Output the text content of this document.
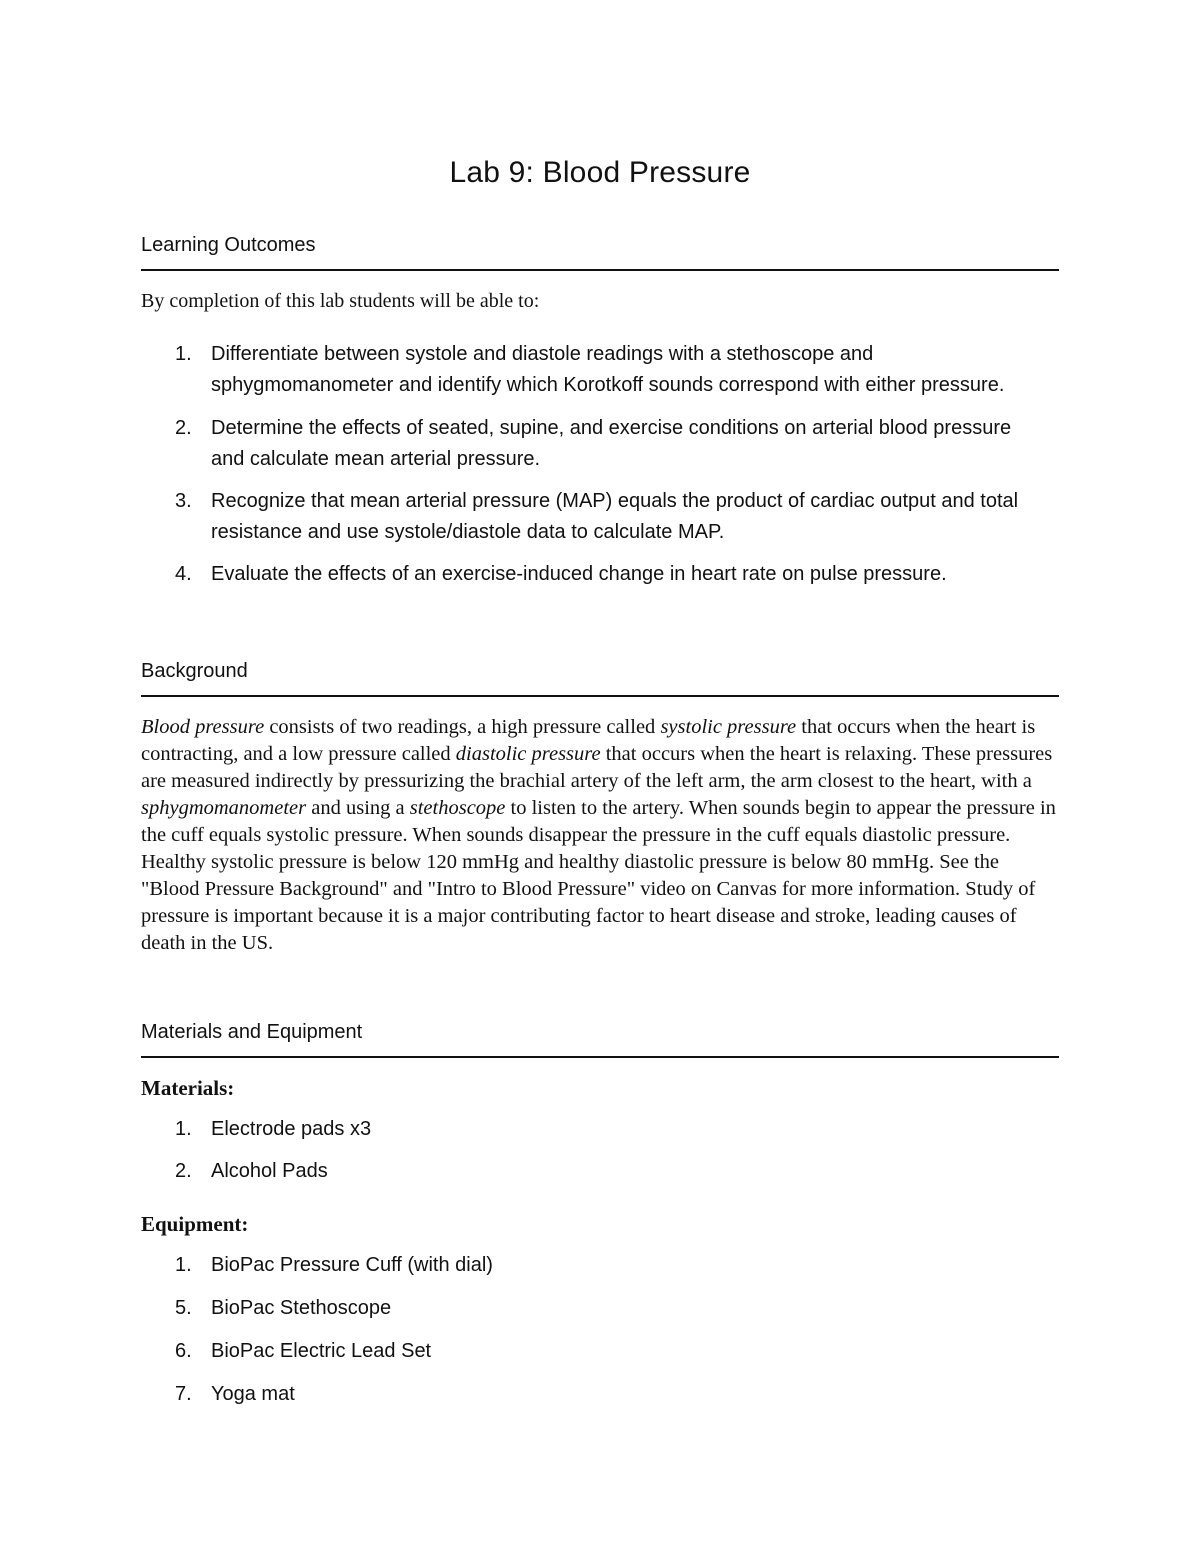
Lab 9: Blood Pressure
Learning Outcomes

By completion of this lab students will be able to:

1. Differentiate between systole and diastole readings with a stethoscope and sphygmomanometer and identify which Korotkoff sounds correspond with either pressure.
2. Determine the effects of seated, supine, and exercise conditions on arterial blood pressure and calculate mean arterial pressure.
3. Recognize that mean arterial pressure (MAP) equals the product of cardiac output and total resistance and use systole/diastole data to calculate MAP.
4. Evaluate the effects of an exercise-induced change in heart rate on pulse pressure.
Background

Blood pressure consists of two readings, a high pressure called systolic pressure that occurs when the heart is contracting, and a low pressure called diastolic pressure that occurs when the heart is relaxing. These pressures are measured indirectly by pressurizing the brachial artery of the left arm, the arm closest to the heart, with a sphygmomanometer and using a stethoscope to listen to the artery. When sounds begin to appear the pressure in the cuff equals systolic pressure. When sounds disappear the pressure in the cuff equals diastolic pressure. Healthy systolic pressure is below 120 mmHg and healthy diastolic pressure is below 80 mmHg. See the "Blood Pressure Background" and "Intro to Blood Pressure" video on Canvas for more information. Study of pressure is important because it is a major contributing factor to heart disease and stroke, leading causes of death in the US.

Materials and Equipment

Materials:

1. Electrode pads x3
2. Alcohol Pads

Equipment:

1. BioPac Pressure Cuff (with dial)
5. BioPac Stethoscope
6. BioPac Electric Lead Set
7. Yoga mat
